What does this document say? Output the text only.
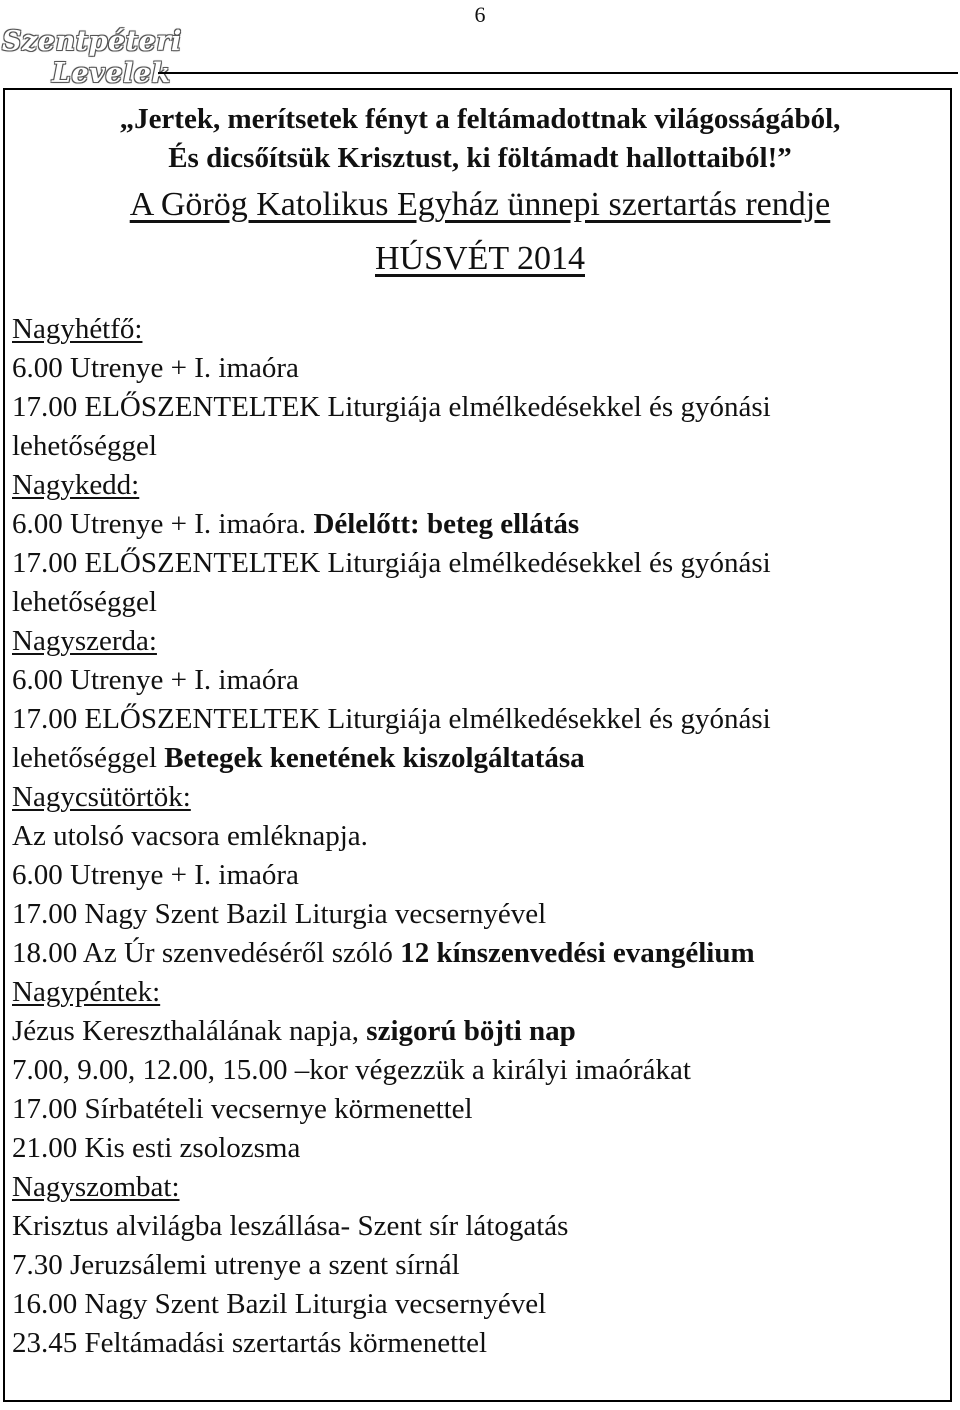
6
Szentpéteri
Levelek
„Jertek, merítsetek fényt a feltámadottnak világosságából,
És dicsőítsük Krisztust, ki föltámadt hallottaiból!”
A Görög Katolikus Egyház ünnepi szertartás rendje
HÚSVÉT 2014
Nagyhétfő:
6.00 Utrenye + I. imaóra
17.00 ELŐSZENTELTEK Liturgiája elmélkedésekkel és gyónási
lehetőséggel
Nagykedd:
6.00 Utrenye + I. imaóra. Délelőtt: beteg ellátás
17.00 ELŐSZENTELTEK Liturgiája elmélkedésekkel és gyónási
lehetőséggel
Nagyszerda:
6.00 Utrenye + I. imaóra
17.00 ELŐSZENTELTEK Liturgiája elmélkedésekkel és gyónási
lehetőséggel Betegek kenetének kiszolgáltatása
Nagycsütörtök:
Az utolsó vacsora emléknapja.
6.00 Utrenye + I. imaóra
17.00 Nagy Szent Bazil Liturgia vecsernyével
18.00 Az Úr szenvedéséről szóló 12 kínszenvedési evangélium
Nagypéntek:
Jézus Kereszthalálának napja, szigorú böjti nap
7.00, 9.00, 12.00, 15.00 –kor végezzük a királyi imaórákat
17.00 Sírbatételi vecsernye körmenettel
21.00 Kis esti zsolozsma
Nagyszombat:
Krisztus alvilágba leszállása- Szent sír látogatás
7.30 Jeruzsálemi utrenye a szent sírnál
16.00 Nagy Szent Bazil Liturgia vecsernyével
23.45 Feltámadási szertartás körmenettel
